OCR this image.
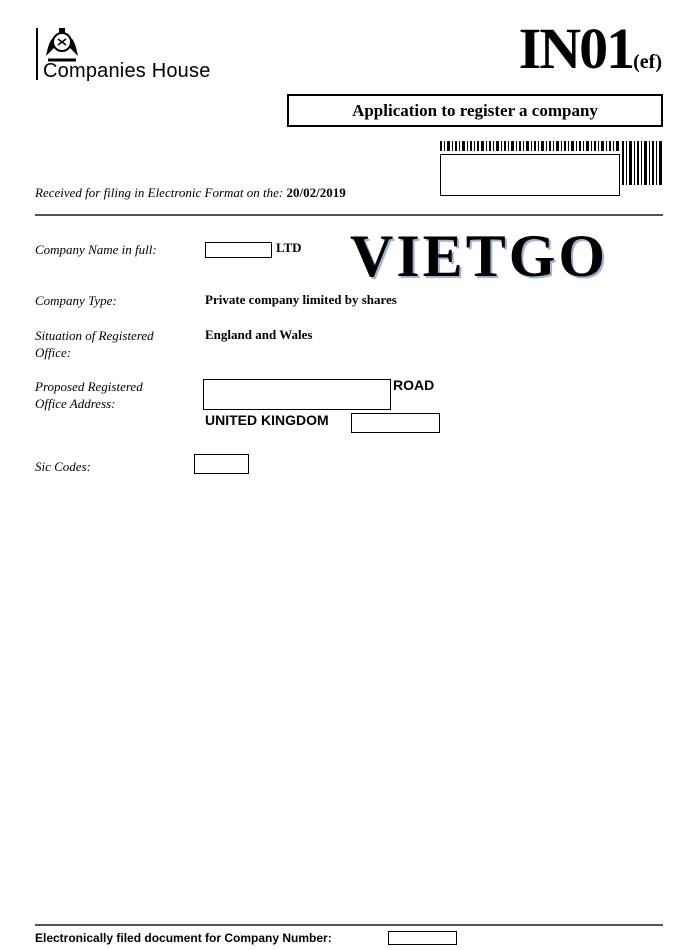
Companies House	IN01(ef)
Application to register a company
Received for filing in Electronic Format on the: 20/02/2019
Company Name in full:	LTD VIETGO
Company Type:	Private company limited by shares
Situation of Registered Office:
England and Wales
Proposed Registered Office Address:
ROAD
UNITED KINGDOM
Sic Codes:
Electronically filed document for Company Number:
